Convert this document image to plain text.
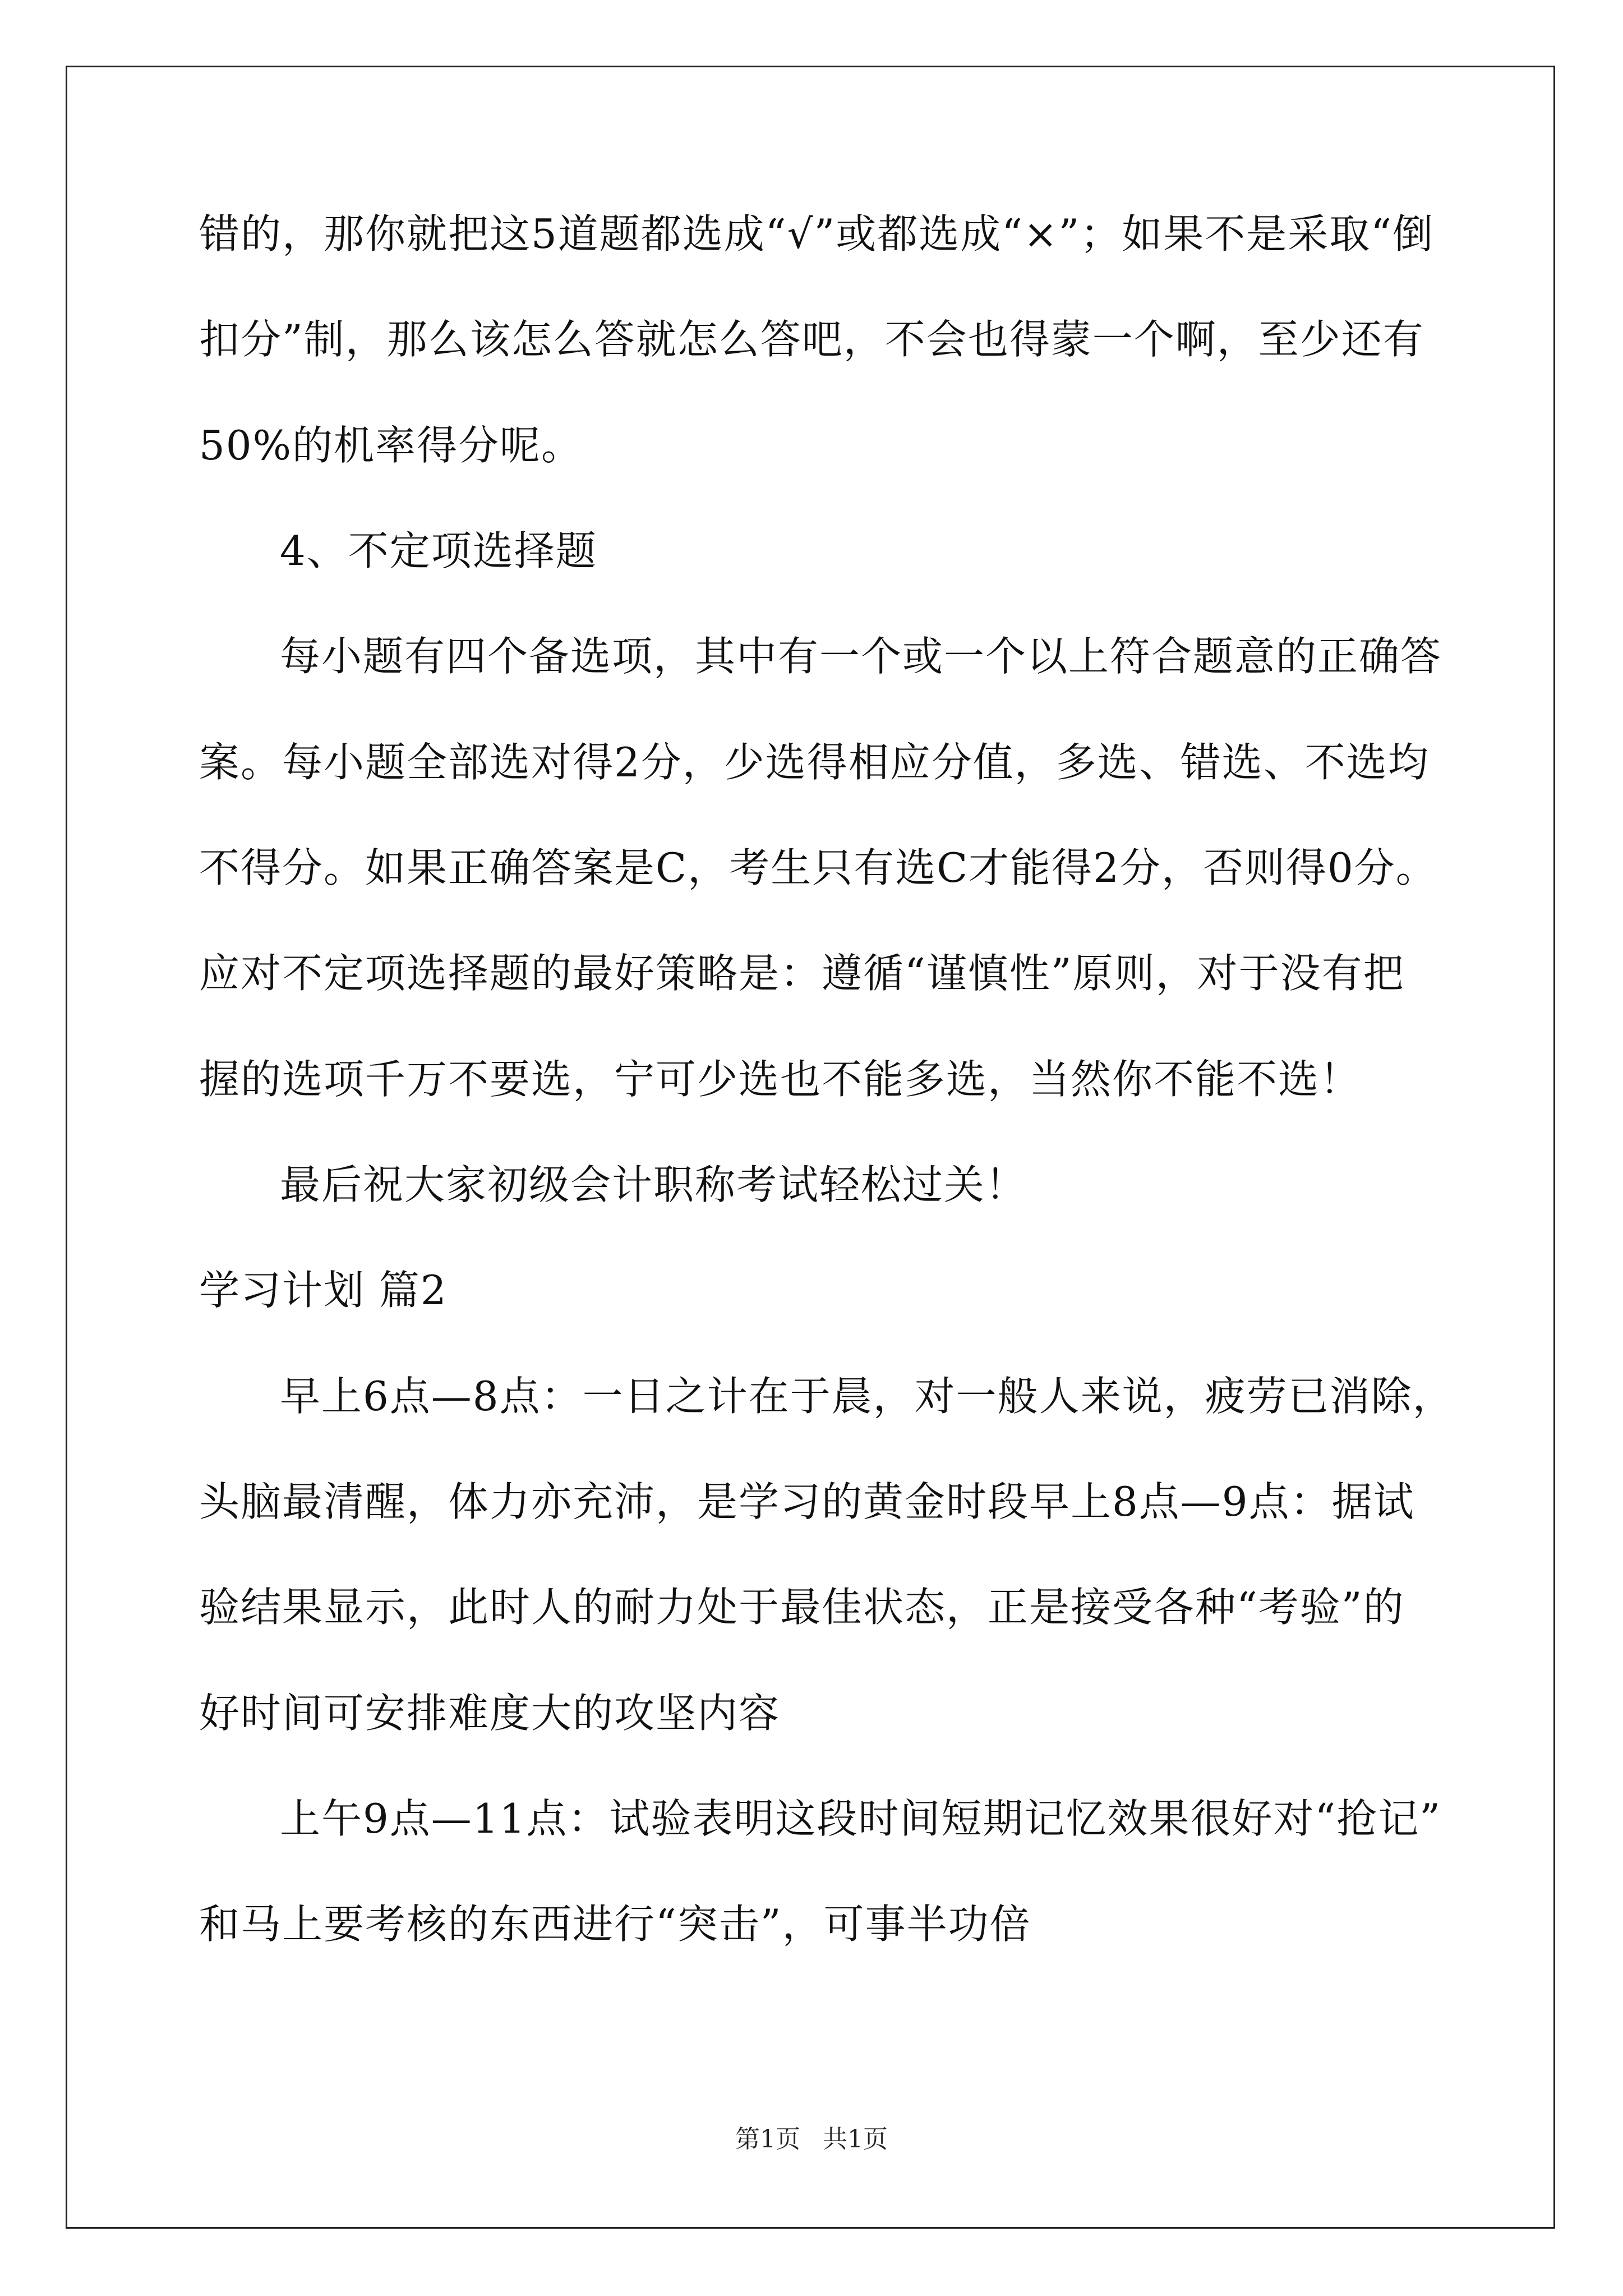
错的，那你就把这5道题都选成“√”或都选成“×”；如果不是采取“倒
扣分”制，那么该怎么答就怎么答吧，不会也得蒙一个啊，至少还有
50%的机率得分呢。
4、不定项选择题
每小题有四个备选项，其中有一个或一个以上符合题意的正确答
案。每小题全部选对得2分，少选得相应分值，多选、错选、不选均
不得分。如果正确答案是C，考生只有选C才能得2分，否则得0分。
应对不定项选择题的最好策略是：遵循“谨慎性”原则，对于没有把
握的选项千万不要选，宁可少选也不能多选，当然你不能不选！
最后祝大家初级会计职称考试轻松过关！
学习计划 篇2
早上6点—8点：一日之计在于晨，对一般人来说，疲劳已消除，
头脑最清醒，体力亦充沛，是学习的黄金时段早上8点—9点：据试
验结果显示，此时人的耐力处于最佳状态，正是接受各种“考验”的
好时间可安排难度大的攻坚内容
上午9点—11点：试验表明这段时间短期记忆效果很好对“抢记”
和马上要考核的东西进行“突击”，可事半功倍
第1页 共1页
